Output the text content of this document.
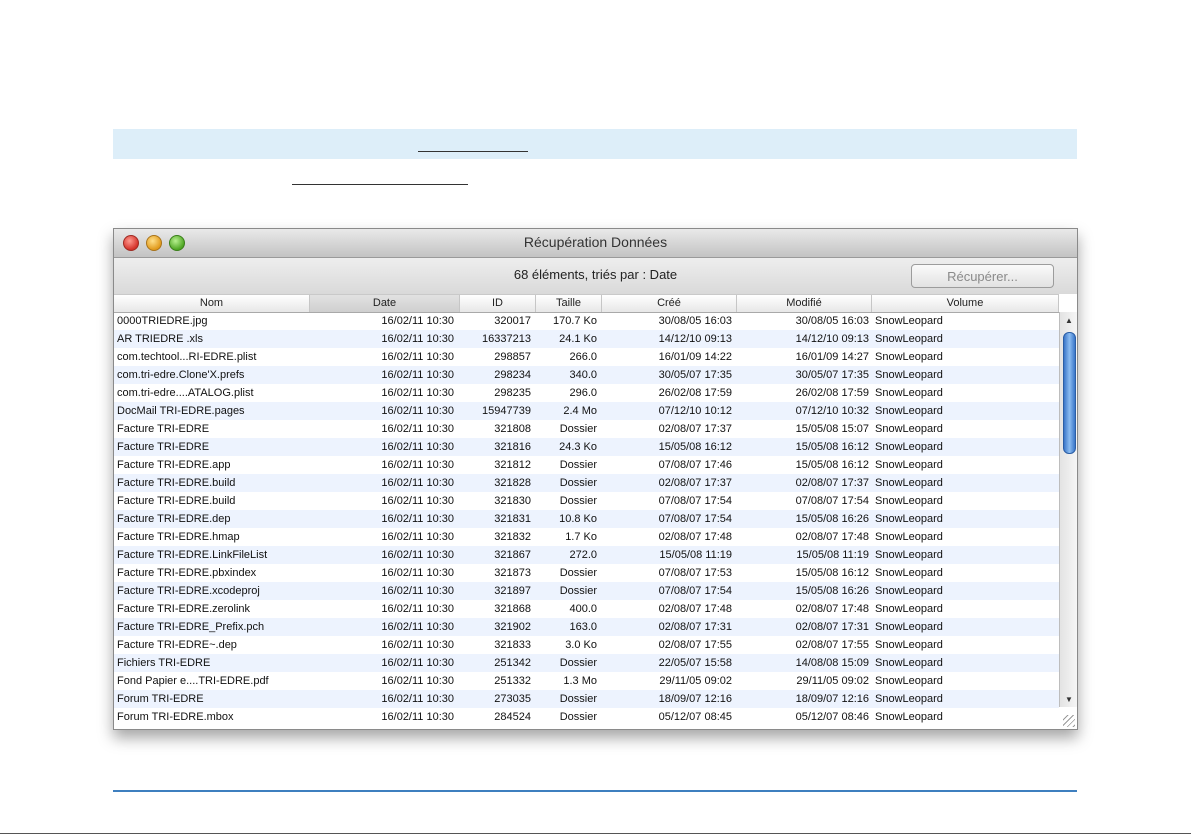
Récupération Données
68 éléments, triés par : Date	Récupérer...
Nom	Date	ID	Taille	Créé	Modifié	Volume
0000TRIEDRE.jpg	16/02/11 10:30	320017	170.7 Ko	30/08/05 16:03	30/08/05 16:03 SnowLeopard
AR TRIEDRE .xls	16/02/11 10:30	16337213	24.1 Ko	14/12/10 09:13	14/12/10 09:13 SnowLeopard
com.techtool...RI-EDRE.plist	16/02/11 10:30	298857	266.0	16/01/09 14:22	16/01/09 14:27 SnowLeopard
com.tri-edre.Clone'X.prefs	16/02/11 10:30	298234	340.0	30/05/07 17:35	30/05/07 17:35 SnowLeopard
com.tri-edre....ATALOG.plist	16/02/11 10:30	298235	296.0	26/02/08 17:59	26/02/08 17:59 SnowLeopard
DocMail TRI-EDRE.pages	16/02/11 10:30	15947739	2.4 Mo	07/12/10 10:12	07/12/10 10:32 SnowLeopard
Facture TRI-EDRE	16/02/11 10:30	321808	Dossier	02/08/07 17:37	15/05/08 15:07 SnowLeopard
Facture TRI-EDRE	16/02/11 10:30	321816	24.3 Ko	15/05/08 16:12	15/05/08 16:12 SnowLeopard
Facture TRI-EDRE.app	16/02/11 10:30	321812	Dossier	07/08/07 17:46	15/05/08 16:12 SnowLeopard
Facture TRI-EDRE.build	16/02/11 10:30	321828	Dossier	02/08/07 17:37	02/08/07 17:37 SnowLeopard
Facture TRI-EDRE.build	16/02/11 10:30	321830	Dossier	07/08/07 17:54	07/08/07 17:54 SnowLeopard
Facture TRI-EDRE.dep	16/02/11 10:30	321831	10.8 Ko	07/08/07 17:54	15/05/08 16:26 SnowLeopard
Facture TRI-EDRE.hmap	16/02/11 10:30	321832	1.7 Ko	02/08/07 17:48	02/08/07 17:48 SnowLeopard
Facture TRI-EDRE.LinkFileList	16/02/11 10:30	321867	272.0	15/05/08 11:19	15/05/08 11:19 SnowLeopard
Facture TRI-EDRE.pbxindex	16/02/11 10:30	321873	Dossier	07/08/07 17:53	15/05/08 16:12 SnowLeopard
Facture TRI-EDRE.xcodeproj	16/02/11 10:30	321897	Dossier	07/08/07 17:54	15/05/08 16:26 SnowLeopard
Facture TRI-EDRE.zerolink	16/02/11 10:30	321868	400.0	02/08/07 17:48	02/08/07 17:48 SnowLeopard
Facture TRI-EDRE_Prefix.pch	16/02/11 10:30	321902	163.0	02/08/07 17:31	02/08/07 17:31 SnowLeopard
Facture TRI-EDRE~.dep	16/02/11 10:30	321833	3.0 Ko	02/08/07 17:55	02/08/07 17:55 SnowLeopard
Fichiers TRI-EDRE	16/02/11 10:30	251342	Dossier	22/05/07 15:58	14/08/08 15:09 SnowLeopard
Fond Papier e....TRI-EDRE.pdf	16/02/11 10:30	251332	1.3 Mo	29/11/05 09:02	29/11/05 09:02 SnowLeopard
Forum TRI-EDRE	16/02/11 10:30	273035	Dossier	18/09/07 12:16	18/09/07 12:16 SnowLeopard
Forum TRI-EDRE.mbox	16/02/11 10:30	284524	Dossier	05/12/07 08:45	05/12/07 08:46 SnowLeopard
▲
▼
